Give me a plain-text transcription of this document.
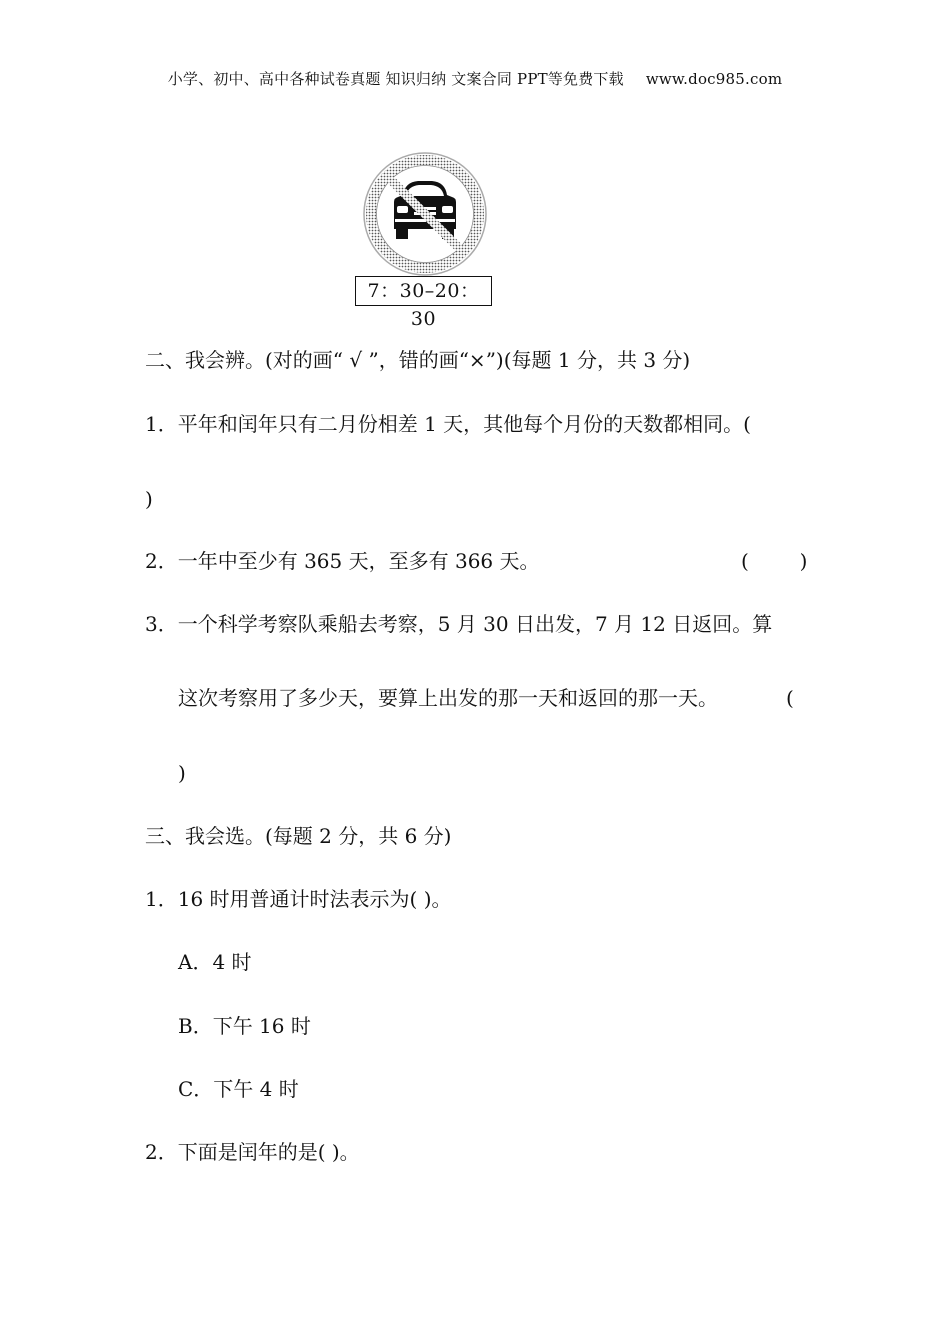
小学、初中、高中各种试卷真题 知识归纳 文案合同 PPT等免费下载 www.doc985.com
7：30–20：30
二、我会辨。(对的画“ √ ”，错的画“×”)(每题 1 分，共 3 分)
1．平年和闰年只有二月份相差 1 天，其他每个月份的天数都相同。(
)
2．一年中至少有 365 天，至多有 366 天。	(        )
3．一个科学考察队乘船去考察，5 月 30 日出发，7 月 12 日返回。算
这次考察用了多少天，要算上出发的那一天和返回的那一天。	(
)
三、我会选。(每题 2 分，共 6 分)
1．16 时用普通计时法表示为( )。
A．4 时
B．下午 16 时
C．下午 4 时
2．下面是闰年的是( )。
